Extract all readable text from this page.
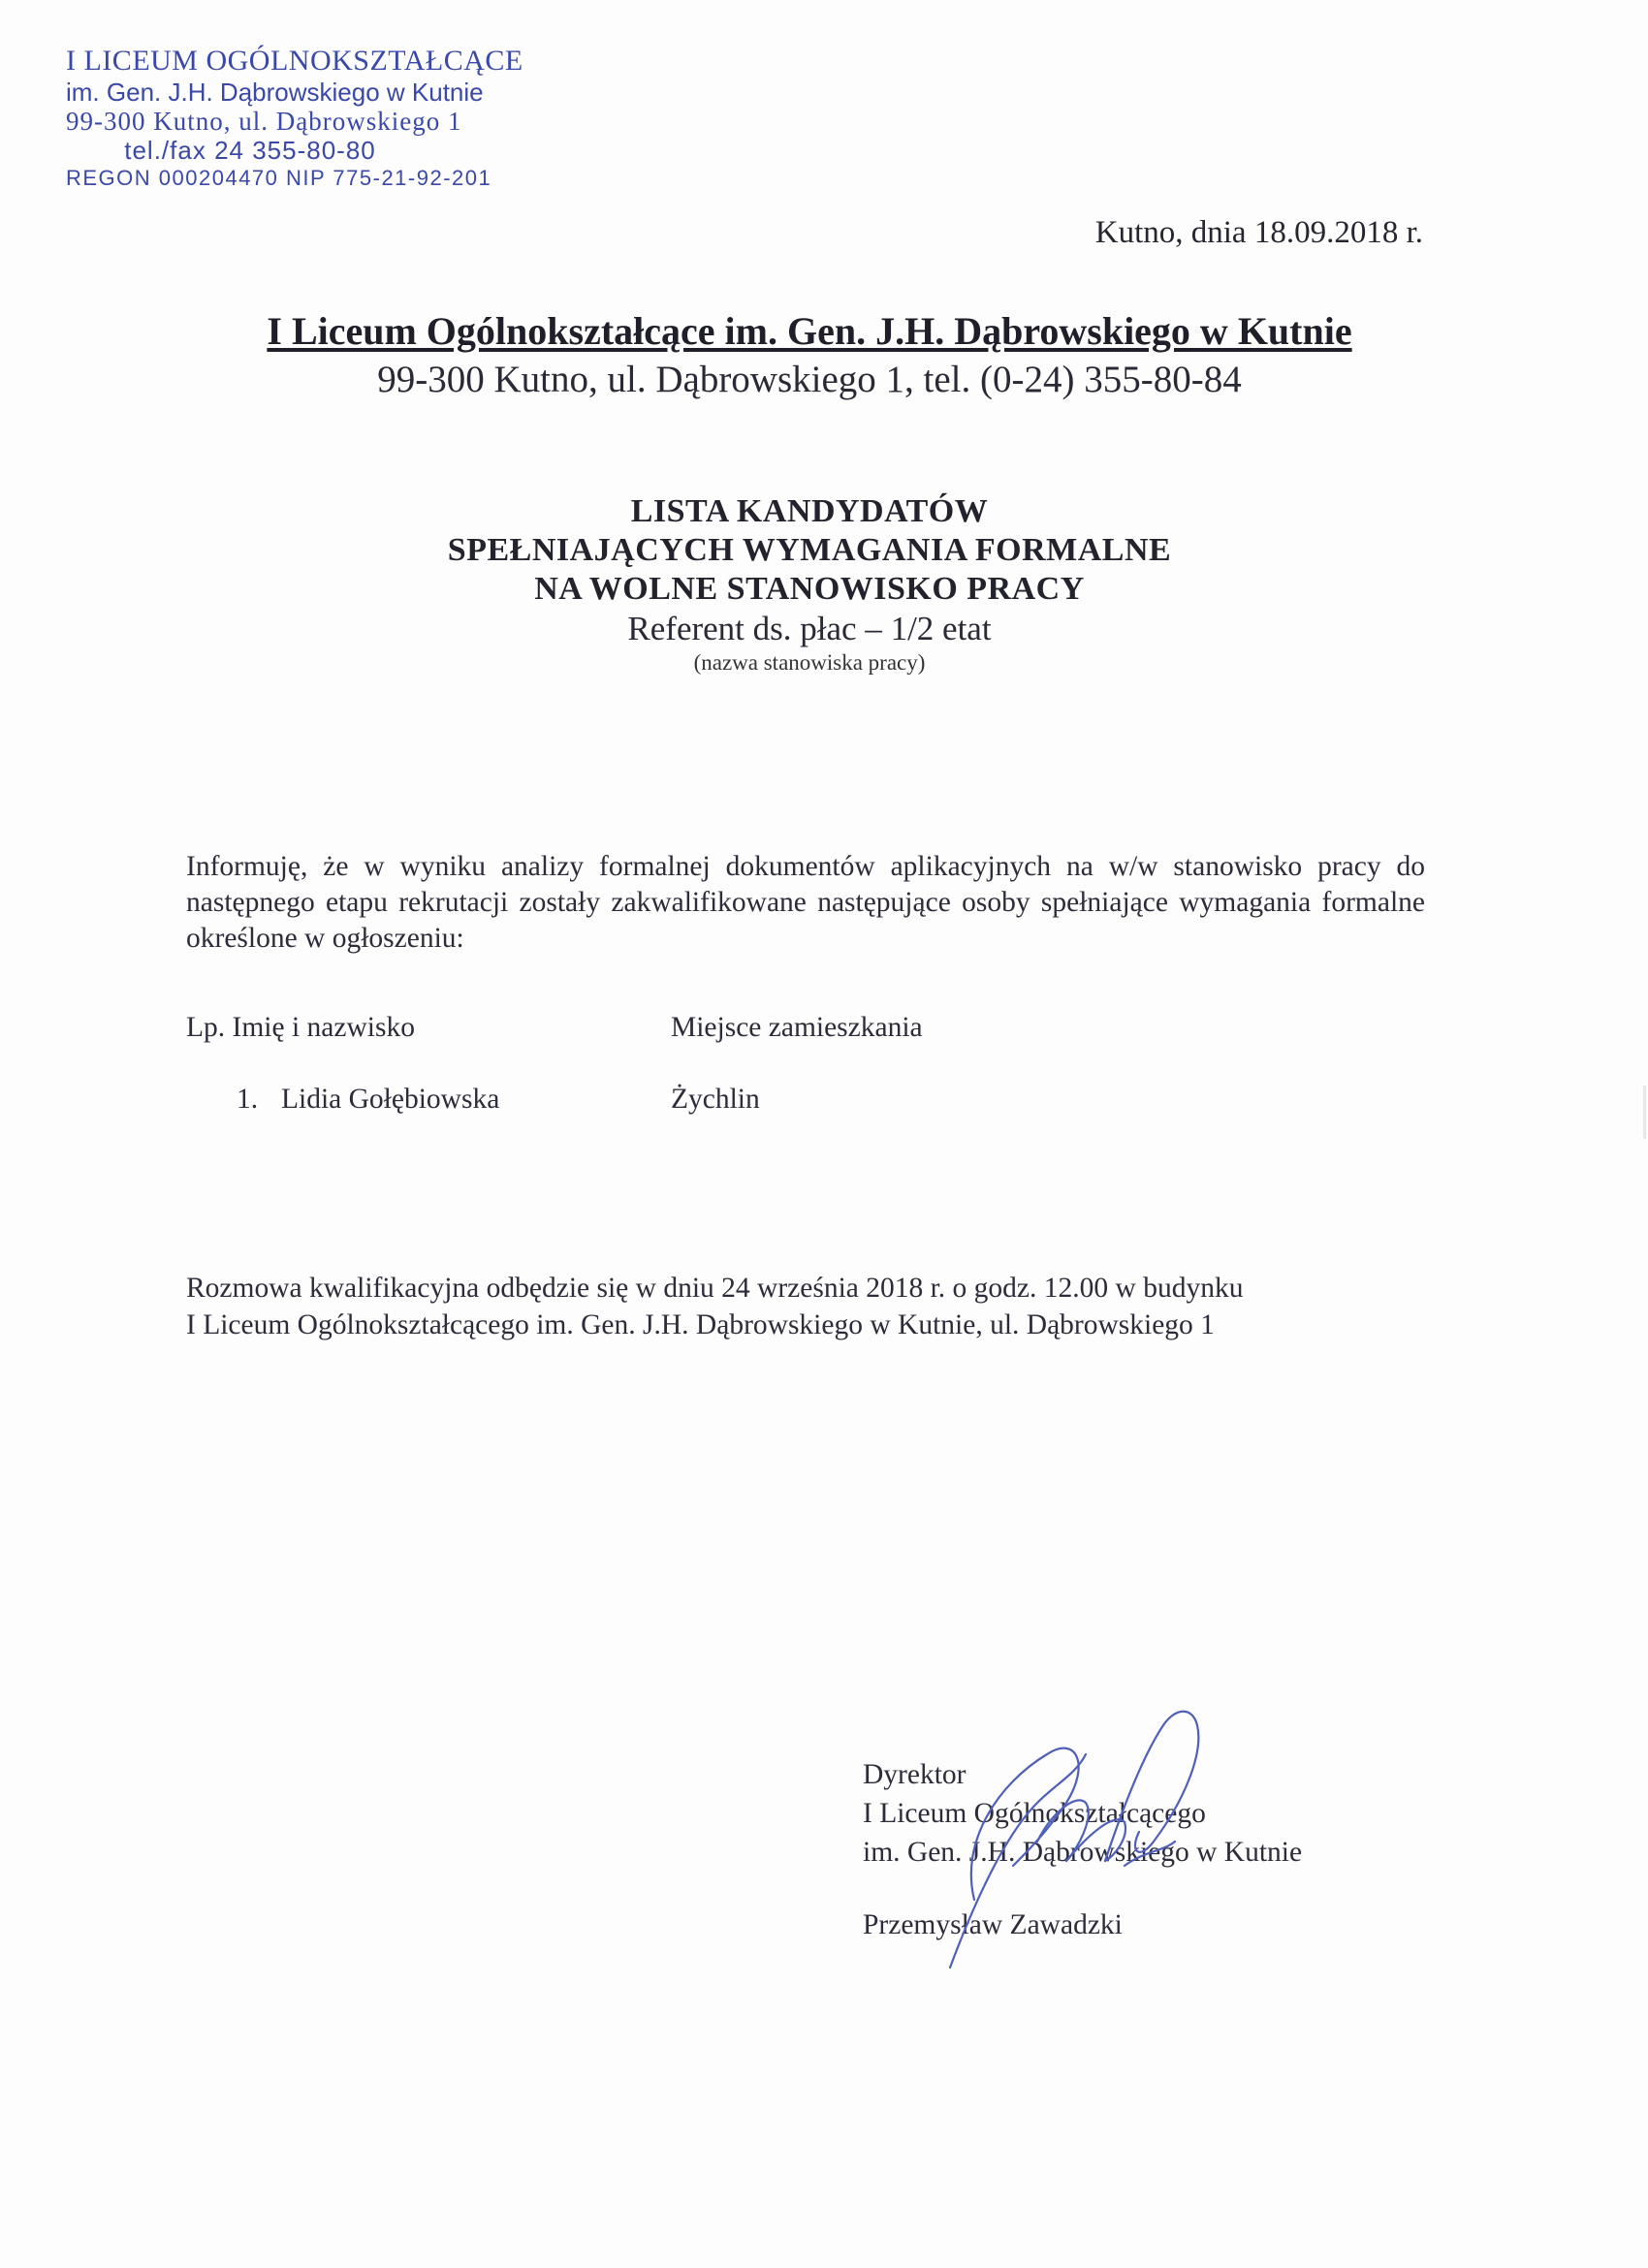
I LICEUM OGÓLNOKSZTAŁCĄCE
im. Gen. J.H. Dąbrowskiego w Kutnie
99-300 Kutno, ul. Dąbrowskiego 1
tel./fax 24 355-80-80
REGON 000204470 NIP 775-21-92-201
Kutno, dnia 18.09.2018 r.
I Liceum Ogólnokształcące im. Gen. J.H. Dąbrowskiego w Kutnie
99-300 Kutno, ul. Dąbrowskiego 1, tel. (0-24) 355-80-84
LISTA KANDYDATÓW
SPEŁNIAJĄCYCH WYMAGANIA FORMALNE
NA WOLNE STANOWISKO PRACY
Referent ds. płac – 1/2 etat
(nazwa stanowiska pracy)

Informuję, że w wyniku analizy formalnej dokumentów aplikacyjnych na w/w stanowisko pracy do następnego etapu rekrutacji zostały zakwalifikowane następujące osoby spełniające wymagania formalne określone w ogłoszeniu:

Lp. Imię i nazwisko	Miejsce zamieszkania
1. Lidia Gołębiowska	Żychlin
Rozmowa kwalifikacyjna odbędzie się w dniu 24 września 2018 r. o godz. 12.00 w budynku
I Liceum Ogólnokształcącego im. Gen. J.H. Dąbrowskiego w Kutnie, ul. Dąbrowskiego 1
Dyrektor
I Liceum Ogólnokształcącego
im. Gen. J.H. Dąbrowskiego w Kutnie
Przemysław Zawadzki
